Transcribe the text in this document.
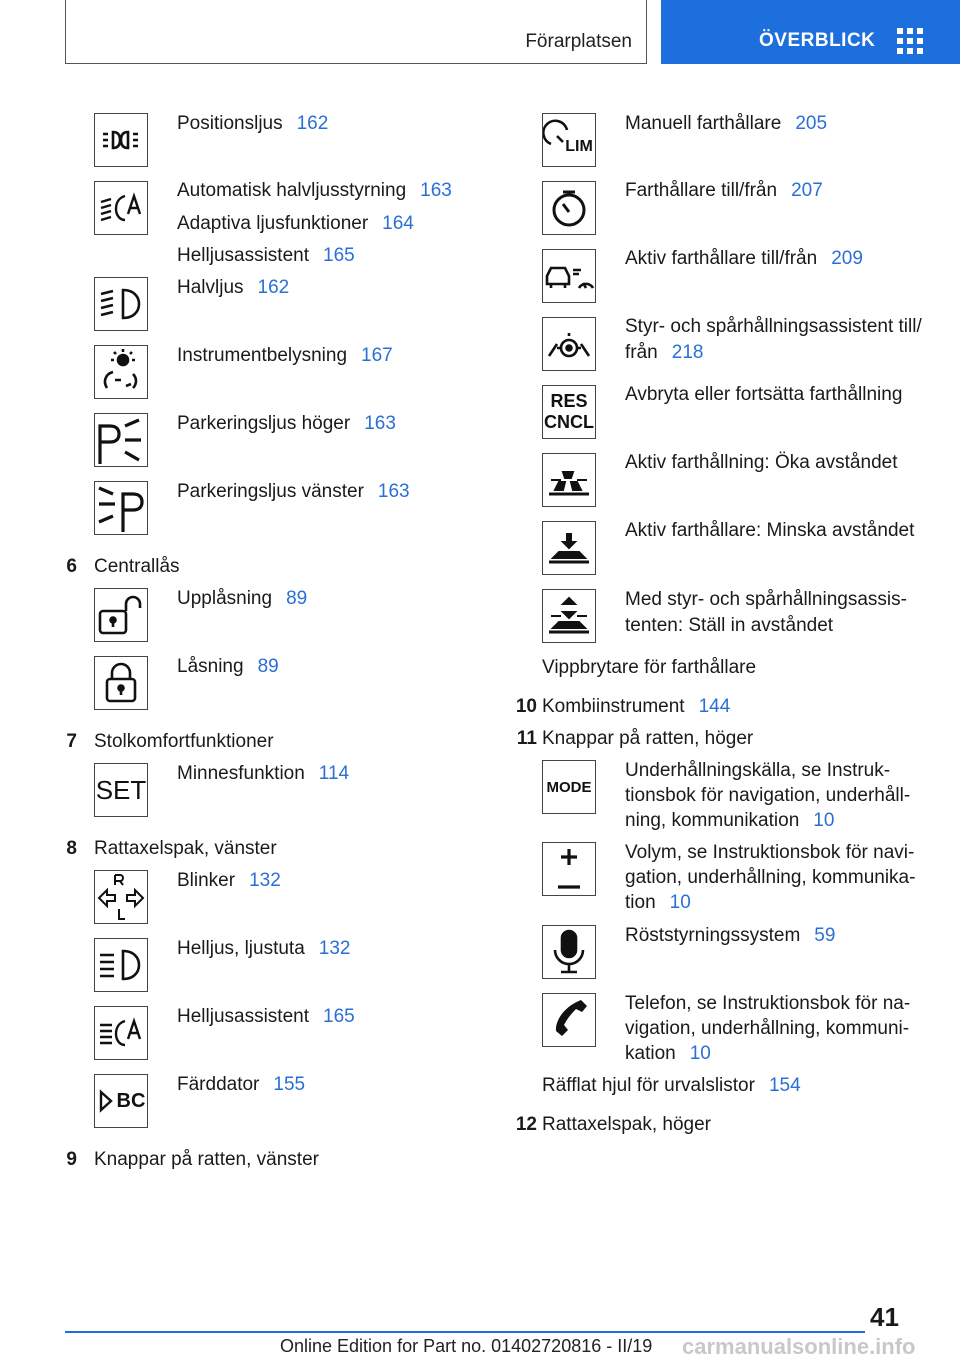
Förarplatsen	ÖVERBLICK
Positionsljus 162
Automatisk halvljusstyrning 163
Adaptiva ljusfunktioner 164
Helljusassistent 165
Halvljus 162
Instrumentbelysning 167
Parkeringsljus höger 163
Parkeringsljus vänster 163
6 Centrallås
Upplåsning 89
Låsning 89
7 Stolkomfortfunktioner
SET
Minnesfunktion 114
8 Rattaxelspak, vänster
Blinker 132
Helljus, ljustuta 132
Helljusassistent 165
BC
Färddator 155
9 Knappar på ratten, vänster
LIM
Manuell farthållare 205
Farthållare till/från 207
Aktiv farthållare till/från 209
Styr- och spårhållningsassistent till/
från 218
RES
CNCL
Avbryta eller fortsätta farthållning
Aktiv farthållning: Öka avståndet
Aktiv farthållare: Minska avståndet
Med styr- och spårhållningsassis-
tenten: Ställ in avståndet
Vippbrytare för farthållare
10 Kombiinstrument 144
11 Knappar på ratten, höger
MODE
Underhållningskälla, se Instruk-
tionsbok för navigation, underhåll-
ning, kommunikation 10
Volym, se Instruktionsbok för navi-
gation, underhållning, kommunika-
tion 10
Röststyrningssystem 59
Telefon, se Instruktionsbok för na-
vigation, underhållning, kommuni-
kation 10
Räfflat hjul för urvalslistor 154
12 Rattaxelspak, höger
41
Online Edition for Part no. 01402720816 - II/19 carmanualsonline.info
